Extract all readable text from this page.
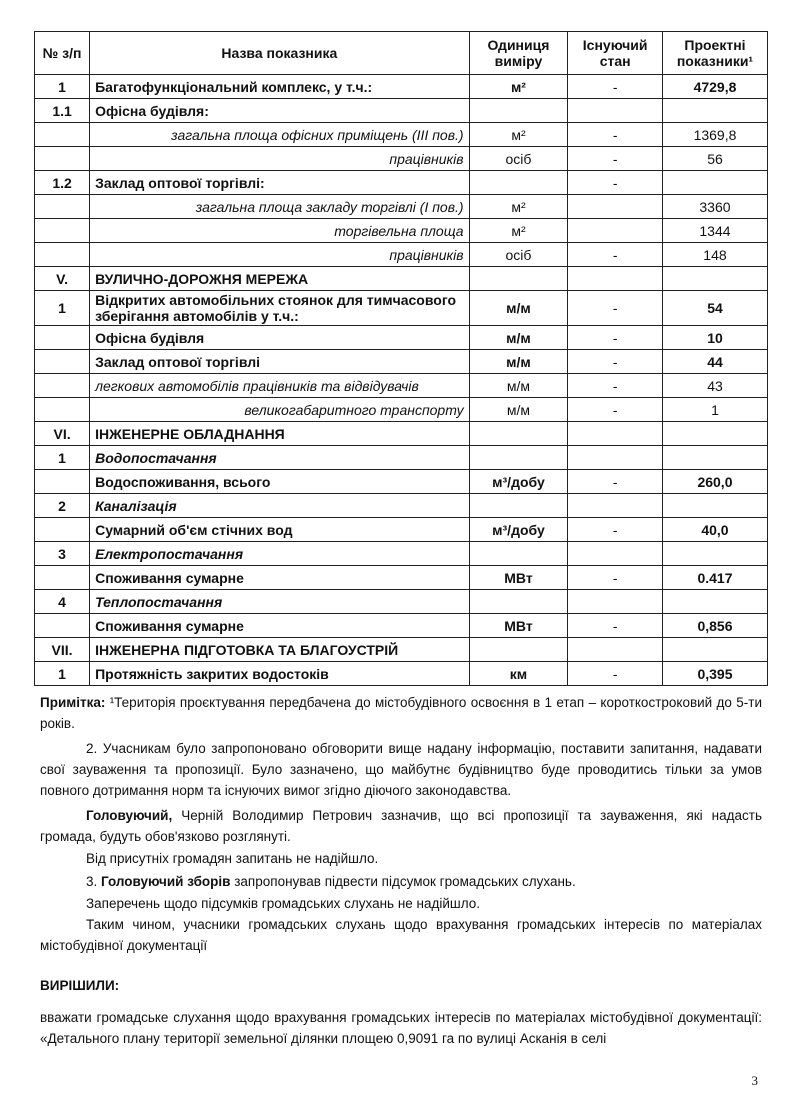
№ з/п	Назва показника	Одиниця виміру	Існуючий стан	Проектні показники¹
1	Багатофункціональний комплекс, у т.ч.:	м²	-	4729,8
1.1	Офісна будівля:			
	загальна площа офісних приміщень (III пов.)	м²	-	1369,8
	працівників	осіб	-	56
1.2	Заклад оптової торгівлі:		-	
	загальна площа закладу торгівлі (I пов.)	м²		3360
	торгівельна площа	м²		1344
	працівників	осіб	-	148
V.	ВУЛИЧНО-ДОРОЖНЯ МЕРЕЖА			
1	Відкритих автомобільних стоянок для тимчасового зберігання автомобілів у т.ч.:	м/м	-	54
	Офісна будівля	м/м	-	10
	Заклад оптової торгівлі	м/м	-	44
	легкових автомобілів працівників та відвідувачів	м/м	-	43
	великогабаритного транспорту	м/м	-	1
VI.	ІНЖЕНЕРНЕ ОБЛАДНАННЯ			
1	Водопостачання			
	Водоспоживання, всього	м³/добу	-	260,0
2	Каналізація			
	Сумарний об'єм стічних вод	м³/добу	-	40,0
3	Електропостачання			
	Споживання сумарне	МВт	-	0.417
4	Теплопостачання			
	Споживання сумарне	МВт	-	0,856
VII.	ІНЖЕНЕРНА ПІДГОТОВКА ТА БЛАГОУСТРІЙ			
1	Протяжність закритих водостоків	км	-	0,395
Примітка: ¹Територія проєктування передбачена до містобудівного освоєння в 1 етап – короткостроковий до 5-ти років.
2. Учасникам було запропоновано обговорити вище надану інформацію, поставити запитання, надавати свої зауваження та пропозиції. Було зазначено, що майбутнє будівництво буде проводитись тільки за умов повного дотримання норм та існуючих вимог згідно діючого законодавства.
Головуючий, Черній Володимир Петрович зазначив, що всі пропозиції та зауваження, які надасть громада, будуть обов'язково розглянуті.
Від присутніх громадян запитань не надійшло.
3. Головуючий зборів запропонував підвести підсумок громадських слухань.
Заперечень щодо підсумків громадських слухань не надійшло.
Таким чином, учасники громадських слухань щодо врахування громадських інтересів по матеріалах містобудівної документації
ВИРІШИЛИ:
вважати громадське слухання щодо врахування громадських інтересів по матеріалах містобудівної документації: «Детального плану території земельної ділянки площею 0,9091 га по вулиці Асканія в селі
3
